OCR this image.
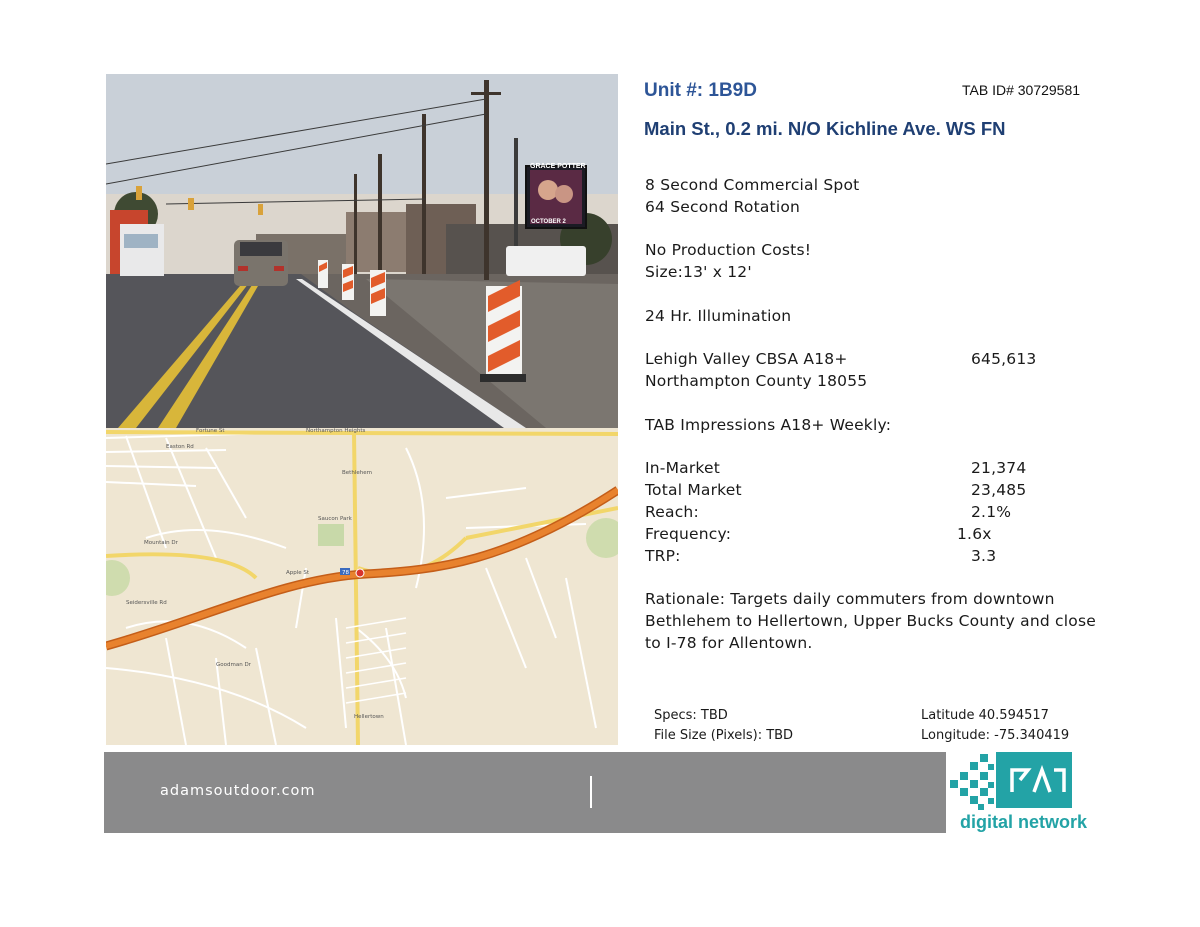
GRACE POTTER
OCTOBER 2
Fortune St	Northampton Heights
Easton Rd
Saucon Park
Hellertown
Bethlehem
Mountain Dr
Seidersville Rd
Goodman Dr
Apple St	78
Unit #: 1B9D	TAB ID# 30729581
Main St., 0.2 mi. N/O Kichline Ave. WS FN
8 Second Commercial Spot
64 Second Rotation
No Production Costs!
Size:13' x 12'
24 Hr. Illumination
Lehigh Valley CBSA A18+	645,613
Northampton County 18055
TAB Impressions A18+ Weekly:
In-Market	21,374
Total Market	23,485
Reach:	2.1%
Frequency:	1.6x
TRP:	3.3
Rationale: Targets daily commuters from downtown Bethlehem to Hellertown, Upper Bucks County and close to I-78 for Allentown.
Specs: TBD
File Size (Pixels): TBD
Latitude 40.594517
Longitude: -75.340419
adamsoutdoor.com
digital network
